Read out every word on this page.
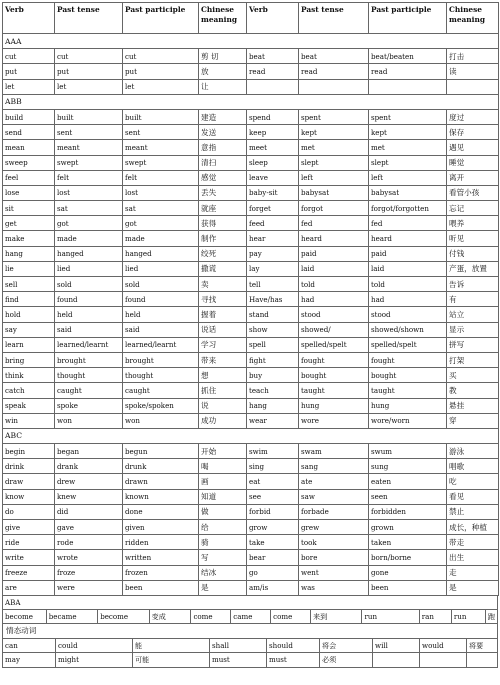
Verb	Past tense	Past participle	Chinese meaning	Verb	Past tense	Past participle	Chinese meaning
AAA							
cut	cut	cut	剪 切	beat	beat	beat/beaten	打击
put	put	put	放	read	read	read	读
let	let	let	让				
ABB							
build	built	built	建造	spend	spent	spent	度过
send	sent	sent	发送	keep	kept	kept	保存
mean	meant	meant	意指	meet	met	met	遇见
sweep	swept	swept	清扫	sleep	slept	slept	睡觉
feel	felt	felt	感觉	leave	left	left	离开
lose	lost	lost	丢失	baby-sit	babysat	babysat	看管小孩
sit	sat	sat	就座	forget	forgot	forgot/forgotten	忘记
get	got	got	获得	feed	fed	fed	喂养
make	made	made	制作	hear	heard	heard	听见
hang	hanged	hanged	绞死	pay	paid	paid	付钱
lie	lied	lied	撒谎	lay	laid	laid	产蛋，放置
sell	sold	sold	卖	tell	told	told	告诉
find	found	found	寻找	Have/has	had	had	有
hold	held	held	握着	stand	stood	stood	站立
say	said	said	说话	show	showed/	showed/shown	显示
learn	learned/learnt	learned/learnt	学习	spell	spelled/spelt	spelled/spelt	拼写
bring	brought	brought	带来	fight	fought	fought	打架
think	thought	thought	想	buy	bought	bought	买
catch	caught	caught	抓住	teach	taught	taught	教
speak	spoke	spoke/spoken	说	hang	hung	hung	悬挂
win	won	won	成功	wear	wore	wore/worn	穿
ABC							
begin	began	begun	开始	swim	swam	swum	游泳
drink	drank	drunk	喝	sing	sang	sung	唱歌
draw	drew	drawn	画	eat	ate	eaten	吃
know	knew	known	知道	see	saw	seen	看见
do	did	done	做	forbid	forbade	forbidden	禁止
give	gave	given	给	grow	grew	grown	成长，种植
ride	rode	ridden	骑	take	took	taken	带走
write	wrote	written	写	bear	bore	born/borne	出生
freeze	froze	frozen	结冰	go	went	gone	走
are	were	been	是	am/is	was	been	是
ABA
become	became	become	变成	come	came	come	来到	run	ran	run	跑
情态动词
can	could	能	shall	should	将会	will	would	将要
may	might	可能	must	must	必须
